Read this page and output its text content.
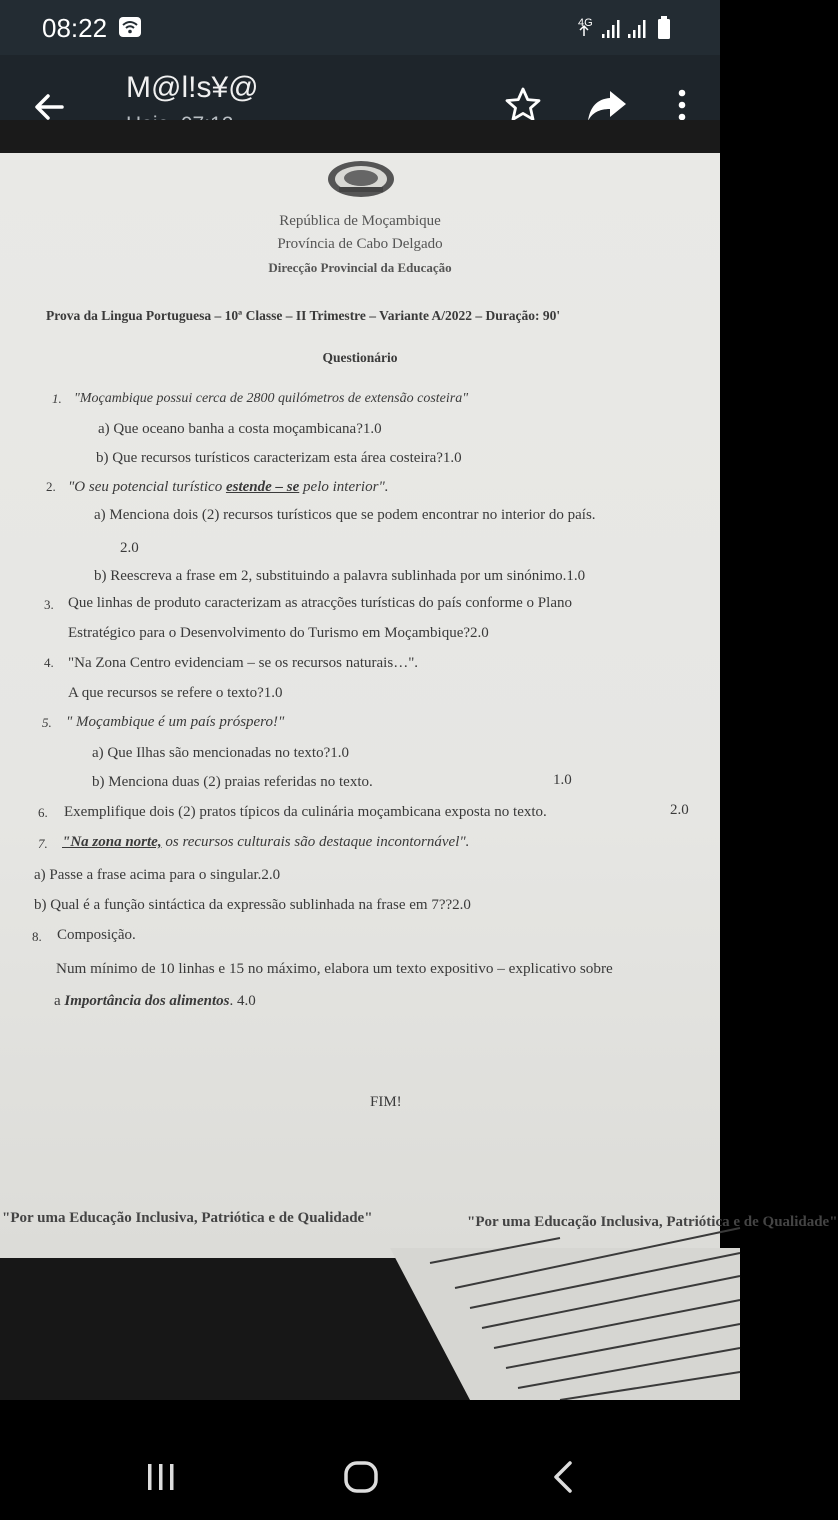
08:22	4G
M@l!s¥@
República de Moçambique
Província de Cabo Delgado
Direcção Provincial da Educação
Prova da Lingua Portuguesa – 10ª Classe – II Trimestre – Variante A/2022 – Duração: 90'
Questionário
1. "Moçambique possui cerca de 2800 quilómetros de extensão costeira"
a) Que oceano banha a costa moçambicana?1.0
b) Que recursos turísticos caracterizam esta área costeira?1.0
2. "O seu potencial turístico estende – se pelo interior".
a) Menciona dois (2) recursos turísticos que se podem encontrar no interior do país.
2.0
b) Reescreva a frase em 2, substituindo a palavra sublinhada por um sinónimo.1.0
3. Que linhas de produto caracterizam as atracções turísticas do país conforme o Plano
Estratégico para o Desenvolvimento do Turismo em Moçambique?2.0
4. "Na Zona Centro evidenciam – se os recursos naturais…".
A que recursos se refere o texto?1.0
5. " Moçambique é um país próspero!"
a) Que Ilhas são mencionadas no texto?1.0
b) Menciona duas (2) praias referidas no texto.	1.0
6. Exemplifique dois (2) pratos típicos da culinária moçambicana exposta no texto.	2.0
7. "Na zona norte, os recursos culturais são destaque incontornável".
a) Passe a frase acima para o singular.2.0
b) Qual é a função sintáctica da expressão sublinhada na frase em 7??2.0
8. Composição.
Num mínimo de 10 linhas e 15 no máximo, elabora um texto expositivo – explicativo sobre
a Importância dos alimentos. 4.0
FIM!
"Por uma Educação Inclusiva, Patriótica e de Qualidade"	"Por uma Educação Inclusiva, Patriótica e de Qualidade"
